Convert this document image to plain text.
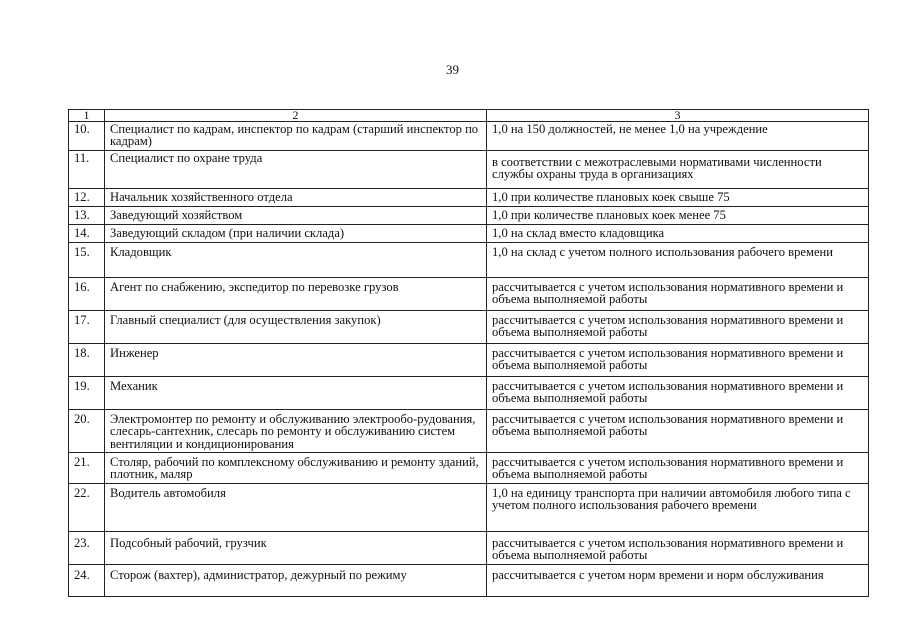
39
1	2	3
10.	Специалист по кадрам, инспектор по кадрам (старший инспектор по кадрам)	1,0 на 150 должностей, не менее 1,0 на учреждение
11.	Специалист по охране труда	в соответствии с межотраслевыми нормативами численности службы охраны труда в организациях
12.	Начальник хозяйственного отдела	1,0 при количестве плановых коек свыше 75
13.	Заведующий хозяйством	1,0 при количестве плановых коек менее 75
14.	Заведующий складом (при наличии склада)	1,0 на склад вместо кладовщика
15.	Кладовщик	1,0 на склад с учетом полного использования рабочего времени
16.	Агент по снабжению, экспедитор по перевозке грузов	рассчитывается с учетом использования нормативного времени и объема выполняемой работы
17.	Главный специалист (для осуществления закупок)	рассчитывается с учетом использования нормативного времени и объема выполняемой работы
18.	Инженер	рассчитывается с учетом использования нормативного времени и объема выполняемой работы
19.	Механик	рассчитывается с учетом использования нормативного времени и объема выполняемой работы
20.	Электромонтер по ремонту и обслуживанию электрообо-рудования, слесарь-сантехник, слесарь по ремонту и обслуживанию систем вентиляции и кондиционирования	рассчитывается с учетом использования нормативного времени и объема выполняемой работы
21.	Столяр, рабочий по комплексному обслуживанию и ремонту зданий, плотник, маляр	рассчитывается с учетом использования нормативного времени и объема выполняемой работы
22.	Водитель автомобиля	1,0 на единицу транспорта при наличии автомобиля любого типа с учетом полного использования рабочего времени
23.	Подсобный рабочий, грузчик	рассчитывается с учетом использования нормативного времени и объема выполняемой работы
24.	Сторож (вахтер), администратор, дежурный по режиму	рассчитывается с учетом норм времени и норм обслуживания
